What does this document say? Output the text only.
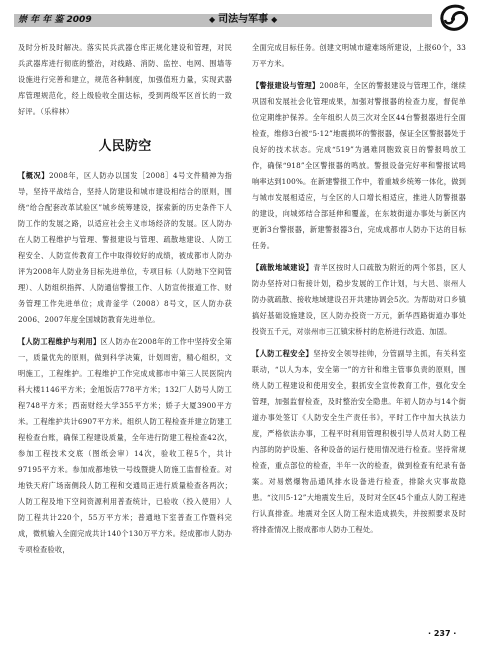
崇 年 年 鉴 2009	◆ 司法与军事 ◆

及时分析及时解决。落实民兵武器仓库正规化建设和管理，对民兵武器库进行彻底的整治，对线路、消防、监控、电网、围墙等设施进行完善和建立，规范各种制度，加强值班力量，实现武器库管理规范化，经上级验收全面达标，受到两级军区首长的一致好评。（乐梓林）

人民防空

【概况】2008年，区人防办以国发［2008］4号文件精神为指导，坚持平战结合，坚持人防建设和城市建设相结合的原则，围绕“给合配套改革试验区”城乡统筹建设，探索新的历史条件下人防工作的发展之路，以适应社会主义市场经济的发展。区人防办在人防工程维护与管理、警报建设与管理、疏散地建设、人防工程安全、人防宣传教育工作中取得较好的成绩，被成都市人防办评为2008年人防业务目标先进单位，专项目标（人防地下空间管理）、人防组织指挥、人防通信警报工作、人防宣传报道工作、财务管理工作先进单位；成青釜学（2008）8号文，区人防办获2006、2007年度全国城防教育先进单位。

【人防工程维护与利用】区人防办在2008年的工作中坚持安全第一，质量优先的原则，做到科学决策，计划周密，精心组织，文明施工，工程维护。工程维护工作完成成都市中第三人民医院内科大楼1146平方米；金旭饭店778平方米；132厂人防号人防工程748平方米；西南财经大学355平方米；娇子大厦3900平方米。工程维护共计6907平方米。组织人防工程检查并建立防建工程检查台账，确保工程建设质量，全年进行防建工程检查42次，参加工程技术交底（图纸会审）14次，验收工程5个，共计97195平方米。参加成都地铁一号线暨捷人防施工监督检查。对地铁天府广场南侧段人防工程和交通局正进行质量检查各两次；人防工程及地下空间资源利用普查统计，已验收（投入使用）人防工程共计220个，55万平方米；普通地下室普查工作暨科完成，微机输入全面完成共计140个130万平方米。经成都市人防办专项检查验收，

全面完成目标任务。创建文明城市避难场所建设，上报60个，33万平方米。

【警报建设与管理】2008年，全区的警报建设与管理工作，继续巩固和发展社会化管理成果，加强对警报器的检查力度，督促单位定期维护保养。全年组织人员三次对全区44台警报器进行全面检查，维修3台被“5·12”地震损坏的警报器，保证全区警报器处于良好的技术状态。完成“519”为遇难同胞致哀日的警报鸣放工作，确保“918”全区警报器的鸣放。警报设备完好率和警报试鸣响率达到100%。在新建警报工作中，着重城乡统筹一体化，做到与城市发展相适应，与全区的人口增长相适应，推进人防警报器的建设，向城郊结合部延伸和覆盖，在东坡街道办事处与新区内更新3台警报器，新建警报器3台，完成成都市人防办下达的目标任务。

【疏散地域建设】青羊区按时人口疏散为附近的两个邻县，区人防办坚持对口衔接计划，稳步发展的工作计划，与大邑、崇州人防办就疏散、接收地域建设召开共建协调会5次。为帮助对口乡镇搞好基础设施建设，区人防办投资一万元，新华西路街道办事处投资五千元，对崇州市三江镇宋桥村的危桥进行改造、加固。

【人防工程安全】坚持安全领导挂帅，分管副导主抓，有关科室联动，“以人为本，安全第一”的方针和维主管事负责的原则，围绕人防工程建设和使用安全，狠抓安全宣传教育工作，强化安全管理，加强监督检查，及时整治安全隐患。年初人防办与14个街道办事处签订《人防安全生产责任书》，平时工作中加大执法力度，严格依法办事，工程平时利用管理积极引导人员对人防工程内部的防护设施、各种设备的运行使用情况进行检查。坚持常规检查，重点部位的检查，半年一次的检查，做到检查有纪录有备案。对易燃爆物品通风排水设备进行检查，排除火灾事故隐患。“汶川5·12”大地震发生后，及时对全区45个重点人防工程进行认真排查。地震对全区人防工程未造成损失，并按照要求及时将排查情况上报成都市人防办工程处。

· 237 ·
